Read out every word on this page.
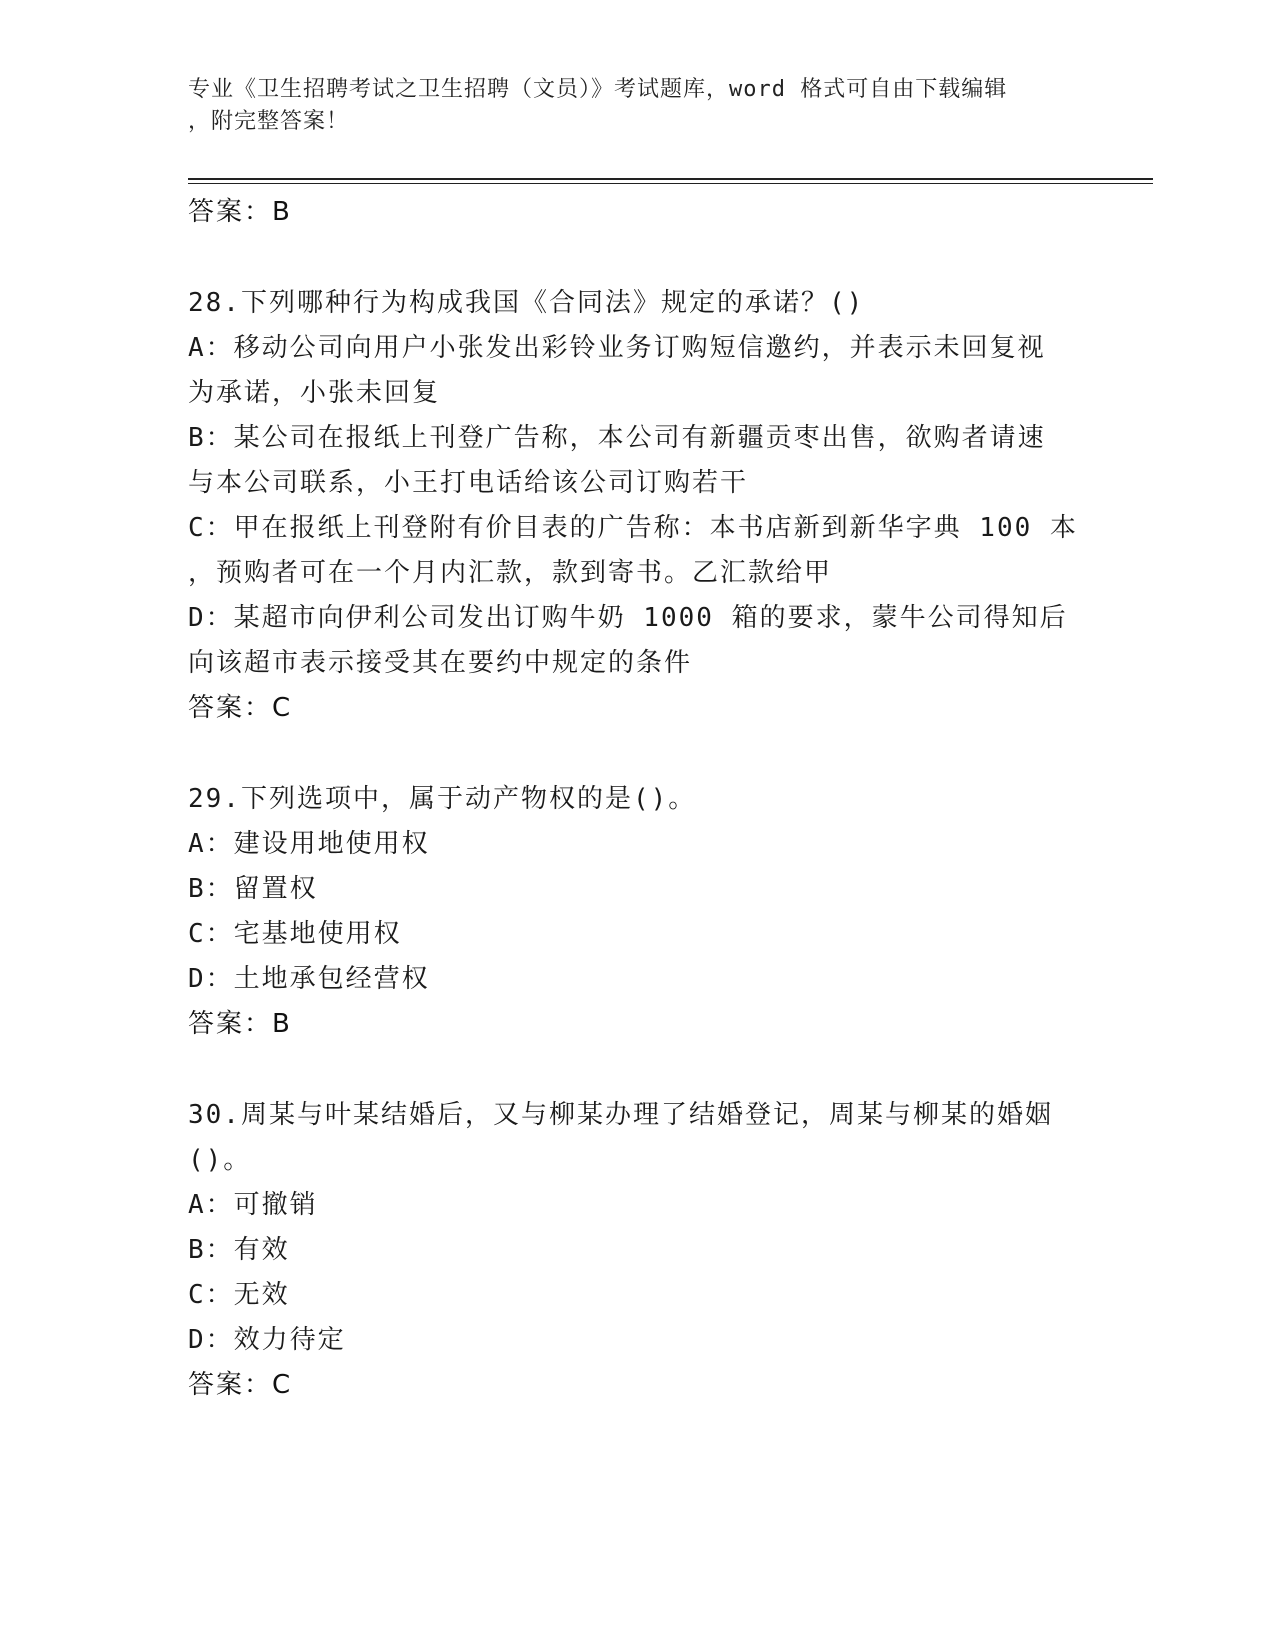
专业《卫生招聘考试之卫生招聘（文员）》考试题库，word 格式可自由下载编辑
，附完整答案！

答案：B

28.下列哪种行为构成我国《合同法》规定的承诺？()

A：移动公司向用户小张发出彩铃业务订购短信邀约，并表示未回复视

为承诺，小张未回复

B：某公司在报纸上刊登广告称，本公司有新疆贡枣出售，欲购者请速

与本公司联系，小王打电话给该公司订购若干

C：甲在报纸上刊登附有价目表的广告称：本书店新到新华字典 100 本

，预购者可在一个月内汇款，款到寄书。乙汇款给甲

D：某超市向伊利公司发出订购牛奶 1000 箱的要求，蒙牛公司得知后

向该超市表示接受其在要约中规定的条件

答案：C

29.下列选项中，属于动产物权的是()。

A：建设用地使用权

B：留置权

C：宅基地使用权

D：土地承包经营权

答案：B

30.周某与叶某结婚后，又与柳某办理了结婚登记，周某与柳某的婚姻

()。

A：可撤销

B：有效

C：无效

D：效力待定

答案：C
